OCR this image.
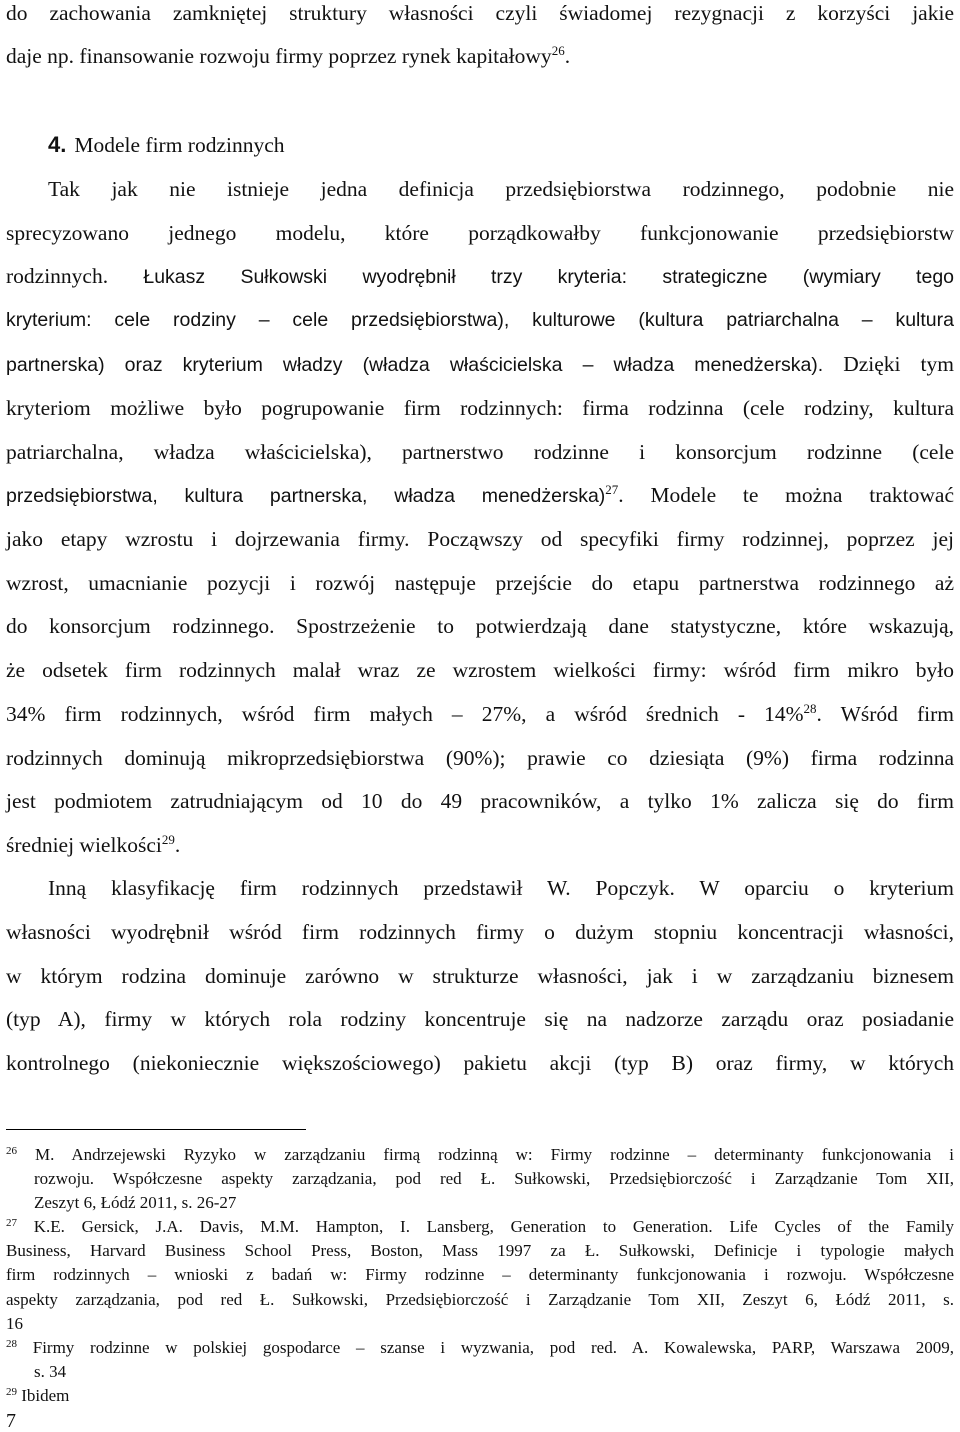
do zachowania zamkniętej struktury własności czyli świadomej rezygnacji z korzyści jakie
daje np. finansowanie rozwoju firmy poprzez rynek kapitałowy$^{26}$.
4. Modele firm rodzinnych
Tak jak nie istnieje jedna definicja przedsiębiorstwa rodzinnego, podobnie nie
sprecyzowano jednego modelu, które porządkowałby funkcjonowanie przedsiębiorstw
rodzinnych. Łukasz Sułkowski wyodrębnił trzy kryteria: strategiczne (wymiary tego
kryterium: cele rodziny – cele przedsiębiorstwa), kulturowe (kultura patriarchalna – kultura
partnerska) oraz kryterium władzy (władza właścicielska – władza menedżerska). Dzięki tym
kryteriom możliwe było pogrupowanie firm rodzinnych: firma rodzinna (cele rodziny, kultura
patriarchalna, władza właścicielska), partnerstwo rodzinne i konsorcjum rodzinne (cele
przedsiębiorstwa, kultura partnerska, władza menedżerska)$^{27}$. Modele te można traktować
jako etapy wzrostu i dojrzewania firmy. Począwszy od specyfiki firmy rodzinnej, poprzez jej
wzrost, umacnianie pozycji i rozwój następuje przejście do etapu partnerstwa rodzinnego aż
do konsorcjum rodzinnego. Spostrzeżenie to potwierdzają dane statystyczne, które wskazują,
że odsetek firm rodzinnych malał wraz ze wzrostem wielkości firmy: wśród firm mikro było
34% firm rodzinnych, wśród firm małych – 27%, a wśród średnich - 14%$^{28}$. Wśród firm
rodzinnych dominują mikroprzedsiębiorstwa (90%); prawie co dziesiąta (9%) firma rodzinna
jest podmiotem zatrudniającym od 10 do 49 pracowników, a tylko 1% zalicza się do firm
średniej wielkości$^{29}$.
Inną klasyfikację firm rodzinnych przedstawił W. Popczyk. W oparciu o kryterium
własności wyodrębnił wśród firm rodzinnych firmy o dużym stopniu koncentracji własności,
w którym rodzina dominuje zarówno w strukturze własności, jak i w zarządzaniu biznesem
(typ A), firmy w których rola rodziny koncentruje się na nadzorze zarządu oraz posiadanie
kontrolnego (niekoniecznie większościowego) pakietu akcji (typ B) oraz firmy, w których
$^{26}$ M. Andrzejewski Ryzyko w zarządzaniu firmą rodzinną w: Firmy rodzinne – determinanty funkcjonowania i
rozwoju. Współczesne aspekty zarządzania, pod red Ł. Sułkowski, Przedsiębiorczość i Zarządzanie Tom XII,
Zeszyt 6, Łódź 2011, s. 26-27
$^{27}$ K.E. Gersick, J.A. Davis, M.M. Hampton, I. Lansberg, Generation to Generation. Life Cycles of the Family
Business, Harvard Business School Press, Boston, Mass 1997 za Ł. Sułkowski, Definicje i typologie małych
firm rodzinnych – wnioski z badań w: Firmy rodzinne – determinanty funkcjonowania i rozwoju. Współczesne
aspekty zarządzania, pod red Ł. Sułkowski, Przedsiębiorczość i Zarządzanie Tom XII, Zeszyt 6, Łódź 2011, s.
16
$^{28}$ Firmy rodzinne w polskiej gospodarce – szanse i wyzwania, pod red. A. Kowalewska, PARP, Warszawa 2009,
s. 34
$^{29}$ Ibidem
7
